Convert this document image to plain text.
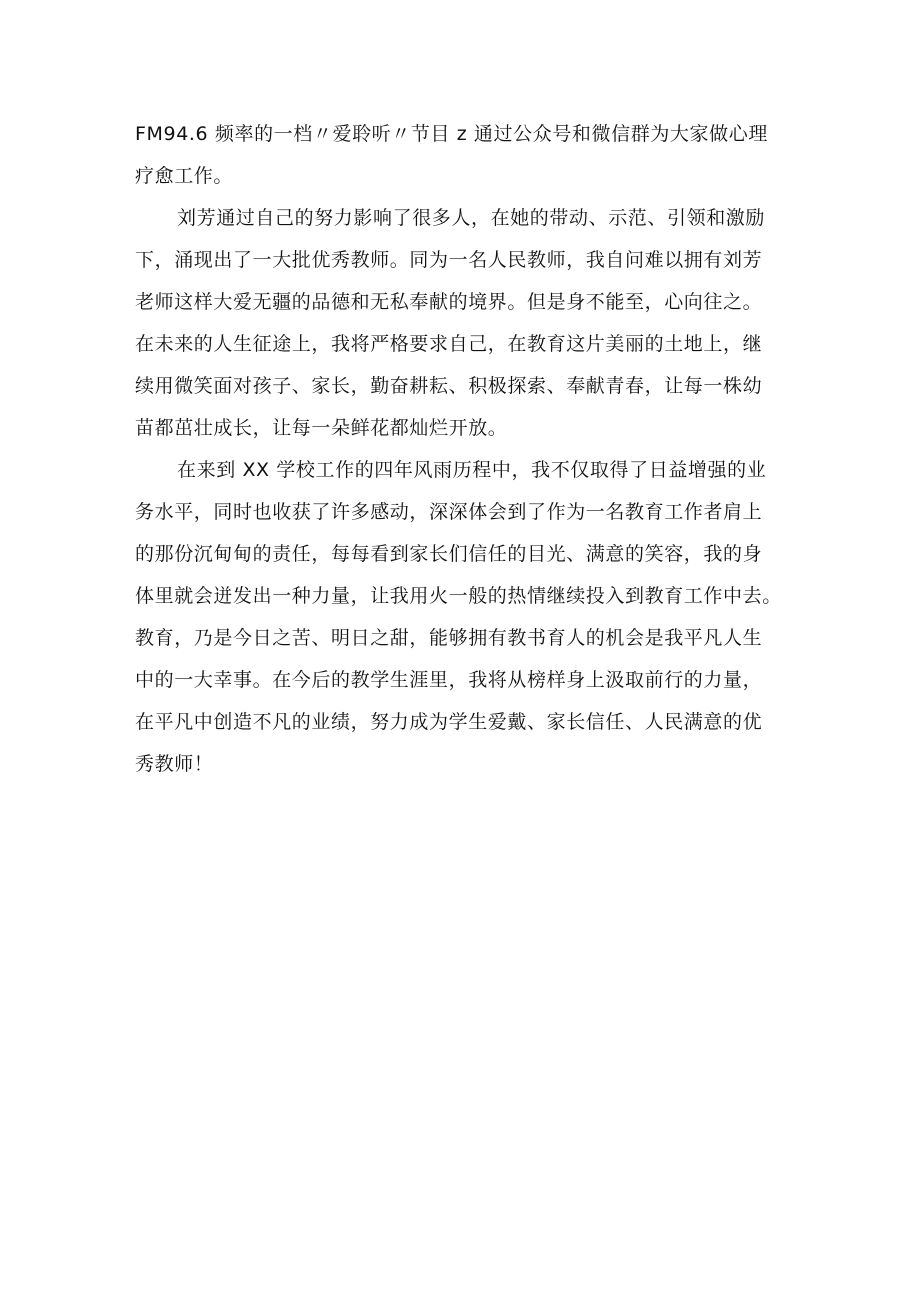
FM94.6 频率的一档〃爱聆听〃节目 z 通过公众号和微信群为大家做心理
疗愈工作。

刘芳通过自己的努力影响了很多人，在她的带动、示范、引领和激励
下，涌现出了一大批优秀教师。同为一名人民教师，我自问难以拥有刘芳
老师这样大爱无疆的品德和无私奉献的境界。但是身不能至，心向往之。
在未来的人生征途上，我将严格要求自己，在教育这片美丽的土地上，继
续用微笑面对孩子、家长，勤奋耕耘、积极探索、奉献青春，让每一株幼
苗都茁壮成长，让每一朵鲜花都灿烂开放。

在来到 XX 学校工作的四年风雨历程中，我不仅取得了日益增强的业
务水平，同时也收获了许多感动，深深体会到了作为一名教育工作者肩上
的那份沉甸甸的责任，每每看到家长们信任的目光、满意的笑容，我的身
体里就会迸发出一种力量，让我用火一般的热情继续投入到教育工作中去。
教育，乃是今日之苦、明日之甜，能够拥有教书育人的机会是我平凡人生
中的一大幸事。在今后的教学生涯里，我将从榜样身上汲取前行的力量，
在平凡中创造不凡的业绩，努力成为学生爱戴、家长信任、人民满意的优
秀教师！
